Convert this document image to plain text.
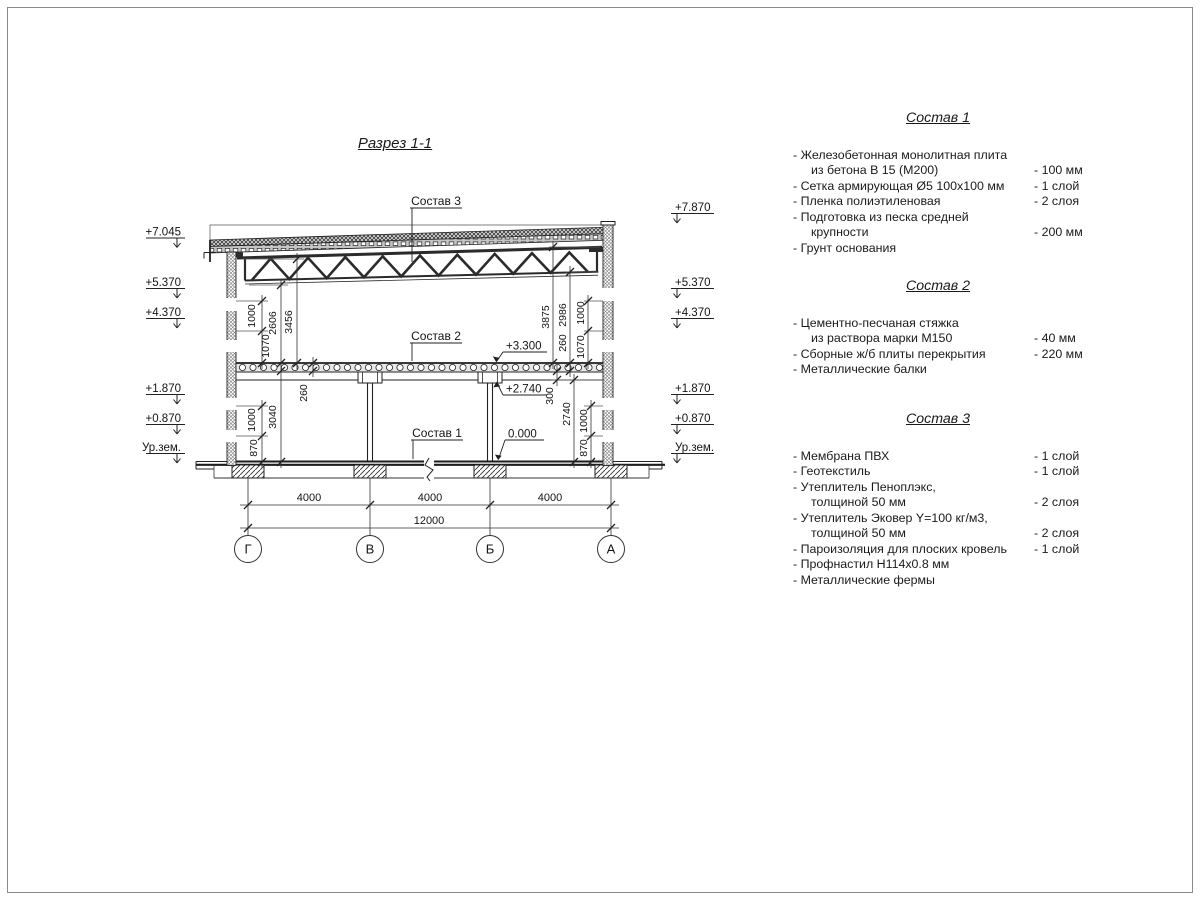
Разрез 1-1
1000
1070
2606 3456
1000
870
3040
260
3875 2986
260
1000
1070
300
2740 1000
870
4000	4000	4000
12000
Г	В	Б	А
+7.045
+5.370
+4.370
+1.870
+0.870
Ур.зем.
+7.870
+5.370
+4.370
+1.870
+0.870
Ур.зем.
+3.300
+2.740
0.000
Состав 3
Состав 2
Состав 1
Состав 1
- Железобетонная монолитная плита
из бетона В 15 (М200)	- 100 мм
- Сетка армирующая Ø5 100х100 мм - 1 слой
- Пленка полиэтиленовая	- 2 слоя
- Подготовка из песка средней
крупности	- 200 мм
- Грунт основания
Состав 2
- Цементно-песчаная стяжка
из раствора марки М150	- 40 мм
- Сборные ж/б плиты перекрытия	- 220 мм
- Металлические балки
Состав 3
- Мембрана ПВХ	- 1 слой
- Геотекстиль	- 1 слой
- Утеплитель Пеноплэкс,
толщиной 50 мм	- 2 слоя
- Утеплитель Эковер Y=100 кг/м3,
толщиной 50 мм	- 2 слоя
- Пароизоляция для плоских кровель - 1 слой
- Профнастил Н114х0.8 мм
- Металлические фермы
